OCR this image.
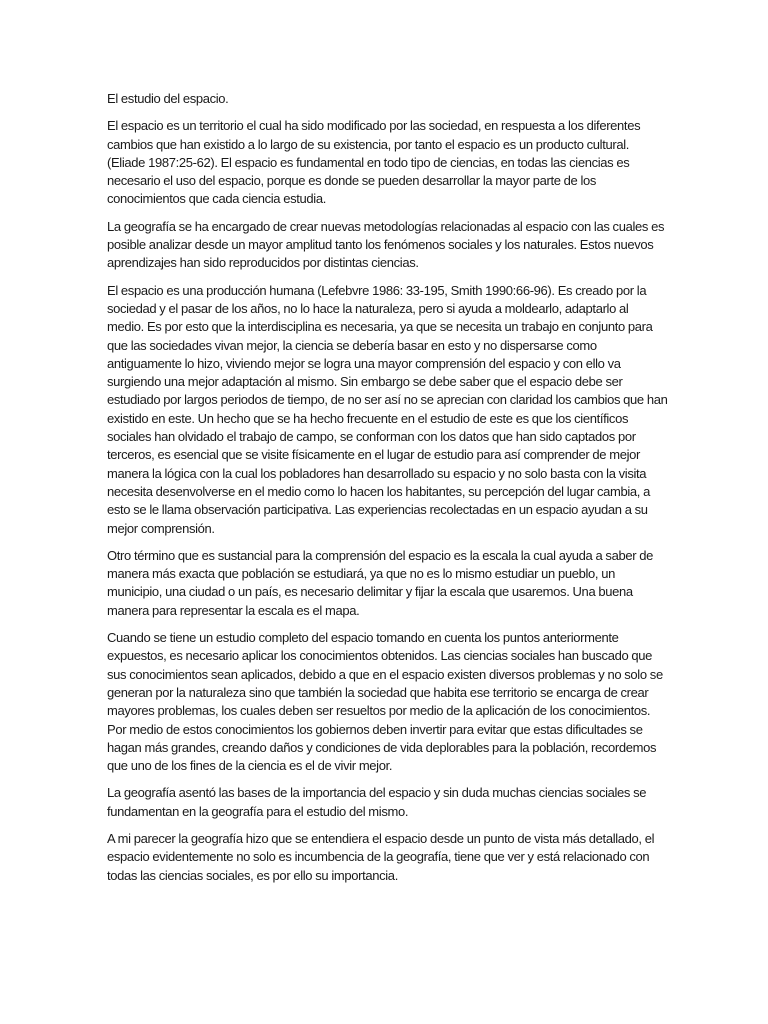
El estudio del espacio.

El espacio es un territorio el cual ha sido modificado por las sociedad, en respuesta a los diferentes cambios que han existido a lo largo de su existencia, por tanto el espacio es un producto cultural. (Eliade 1987:25-62). El espacio es fundamental en todo tipo de ciencias, en todas las ciencias es necesario el uso del espacio, porque es donde se pueden desarrollar la mayor parte de los conocimientos que cada ciencia estudia.

La geografía se ha encargado de crear nuevas metodologías relacionadas al espacio con las cuales es posible analizar desde un mayor amplitud tanto los fenómenos sociales y los naturales. Estos nuevos aprendizajes han sido reproducidos por distintas ciencias.

El espacio es una producción humana (Lefebvre 1986: 33-195, Smith 1990:66-96). Es creado por la sociedad y el pasar de los años, no lo hace la naturaleza, pero si ayuda a moldearlo, adaptarlo al medio. Es por esto que la interdisciplina es necesaria, ya que se necesita un trabajo en conjunto para que las sociedades vivan mejor, la ciencia se debería basar en esto y no dispersarse como antiguamente lo hizo, viviendo mejor se logra una mayor comprensión del espacio y con ello va surgiendo una mejor adaptación al mismo. Sin embargo se debe saber que el espacio debe ser estudiado por largos periodos de tiempo, de no ser así no se aprecian con claridad los cambios que han existido en este. Un hecho que se ha hecho frecuente en el estudio de este es que los científicos sociales han olvidado el trabajo de campo, se conforman con los datos que han sido captados por terceros, es esencial que se visite físicamente en el lugar de estudio para así comprender de mejor manera la lógica con la cual los pobladores han desarrollado su espacio y no solo basta con la visita necesita desenvolverse en el medio como lo hacen los habitantes, su percepción del lugar cambia, a esto se le llama observación participativa. Las experiencias recolectadas en un espacio ayudan a su mejor comprensión.

Otro término que es sustancial para la comprensión del espacio es la escala la cual ayuda a saber de manera más exacta que población se estudiará, ya que no es lo mismo estudiar un pueblo, un municipio, una ciudad o un país, es necesario delimitar y fijar la escala que usaremos. Una buena manera para representar la escala es el mapa.

Cuando se tiene un estudio completo del espacio tomando en cuenta los puntos anteriormente expuestos, es necesario aplicar los conocimientos obtenidos. Las ciencias sociales han buscado que sus conocimientos sean aplicados, debido a que en el espacio existen diversos problemas y no solo se generan por la naturaleza sino que también la sociedad que habita ese territorio se encarga de crear mayores problemas, los cuales deben ser resueltos por medio de la aplicación de los conocimientos. Por medio de estos conocimientos los gobiernos deben invertir para evitar que estas dificultades se hagan más grandes, creando daños y condiciones de vida deplorables para la población, recordemos que uno de los fines de la ciencia es el de vivir mejor.

La geografía asentó las bases de la importancia del espacio y sin duda muchas ciencias sociales se fundamentan en la geografía para el estudio del mismo.

A mi parecer la geografía hizo que se entendiera el espacio desde un punto de vista más detallado, el espacio evidentemente no solo es incumbencia de la geografía, tiene que ver y está relacionado con todas las ciencias sociales, es por ello su importancia.
